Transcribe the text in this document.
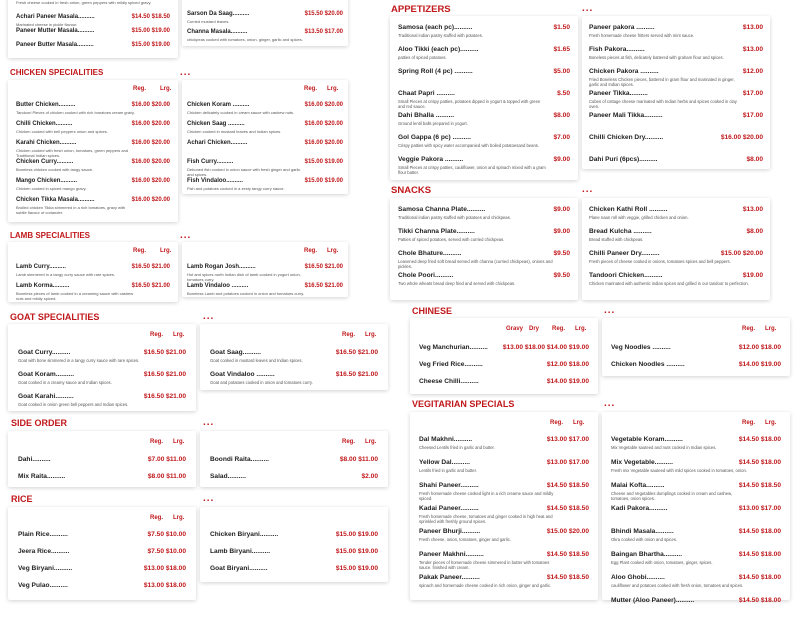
APPETIZERS	...
CHICKEN SPECIALITIES	...
SNACKS	...
LAMB SPECIALITIES	...
GOAT SPECIALITIES	...	CHINESE	...
VEGITARIAN SPECIALS	...
SIDE ORDER	...
RICE	...
Achari Paneer Masala..........	$14.50 $18.50
Marinated cheese in pickle flavour.
Paneer Mutter Masala..........	$15.00 $19.00
Paneer Butter Masala..........	$15.00 $19.00
Fresh cheese cooked in fresh onion, green peppers with mildly spiced gravy.
Sarson Da Saag..........	$15.50 $20.00
Curried mustard leaves.
Channa Masala..........	$13.50 $17.00
chickpeas cooked with tomatoes, onion, ginger, garlic and spices.
Reg. Lrg.
Butter Chicken..........	$16.00 $20.00
Tandoori Pieces of chicken cooked with rich tomatoes cream gravy.
Chilli Chicken..........	$16.00 $20.00
Chicken cooked with bell peppers onion and spices.
Karahi Chicken..........	$16.00 $20.00
Chicken cooked with fresh onion, tomatoes, green peppers and Traditional Indian spices.
Chicken Curry..........	$16.00 $20.00
Boneless chicken cooked with tangy sauce.
Mango Chicken..........	$16.00 $20.00
Chicken cooked in spiced mango gravy.
Chicken Tikka Masala..........	$16.00 $20.00
Broiled chicken Tikka simmered in a rich tomatoes, gravy with subtle flavour of coriander.
Reg. Lrg.
Chicken Koram ..........	$16.00 $20.00
Chicken delicately cooked in cream sauce with cashew nuts.
Chicken Saag ..........	$16.00 $20.00
Chicken cooked in mustard leaves and Indian spices.
Achari Chicken..........	$16.00 $20.00
Fish Curry..........	$15.00 $19.00
Deboned fish cooked in onion sauce with fresh ginger and garlic and spices.
Fish Vindaloo..........	$15.00 $19.00
Fish and potatoes cooked in a zesty tangy curry sauce.
Reg. Lrg.
Lamb Curry..........	$16.50 $21.00
Lamb simmered in a tangy curry sauce with rare spices.
Lamb Korma..........	$16.50 $21.00
Boneless pieces of lamb cooked in a creaming sauce with cashew nuts and mildly spiced.
Reg. Lrg.
Lamb Rogan Josh..........	$16.50 $21.00
Hot and spices north Indian dish of lamb cooked in yogurt onion, tomatoes curry.
Lamb Vindaloo ..........	$16.50 $21.00
Boneless Lamb and potatoes cooked in onion and tomatoes curry.
Reg. Lrg.
Goat Curry..........	$16.50 $21.00
Goat with bone simmered in a tangy curry sauce with rare spices.
Goat Koram..........	$16.50 $21.00
Goat cooked in a creamy sauce and Indian spices.
Goat Karahi..........	$16.50 $21.00
Goat cooked in onion green bell peppers and Indian spices.
Reg. Lrg.
Goat Saag..........	$16.50 $21.00
Goat cooked in mustard leaves and Indian spices.
Goat Vindaloo ..........	$16.50 $21.00
Goat and potatoes cooked in onion and tomatoes curry.
Reg. Lrg.
Dahi..........	$7.00 $11.00
Mix Raita..........	$8.00 $11.00
Reg. Lrg.
Boondi Raita..........	$8.00 $11.00
Salad..........	$2.00
Reg. Lrg.
Plain Rice..........	$7.50 $10.00
Jeera Rice..........	$7.50 $10.00
Veg Biryani..........	$13.00 $18.00
Veg Pulao..........	$13.00 $18.00
Chicken Biryani..........	$15.00 $19.00
Lamb Biryani..........	$15.00 $19.00
Goat Biryani..........	$15.00 $19.00
Samosa (each pc)..........	$1.50
Traditional indian pastry stuffed with potatoes.
Aloo Tikki (each pc)..........	$1.65
patties of spiced potatoes.
Spring Roll (4 pc) ..........	$5.00
Chaat Papri ..........	$.50
Small Pieces at crispy patties, potatoes dipped in yogurt & topped with green and red sauce.
Dahi Bhalla ..........	$8.00
Ground lentil balls prepared in yogurt.
Gol Gappa (6 pc) ..........	$7.00
Crispy patties with spicy water accompanied with boiled potatoesand beans.
Veggie Pakora ..........	$9.00
Small Pieces at crispy patties, cauliflower, onion and spinach mixed with a gram flour batter.
Paneer pakora ..........	$13.00
Fresh homemade cheese fritters served with mint sauce.
Fish Pakora..........	$13.00
Boneless pieces at fish, delicately battered with graham flour and spices.
Chicken Pakora ..........	$12.00
Fried Boneless Chicken pieces, battered in gram flour and marinated in ginger, garlic and Indian spices.
Paneer Tikka..........	$17.00
Cubes of cottage cheese marinated with Indian herbs and spices cooked in clay oven.
Paneer Mali Tikka..........	$17.00
Chilli Chicken Dry..........	$16.00 $20.00
Dahi Puri (6pcs)..........	$8.00
Samosa Channa Plate..........	$9.00
Traditional indian pastry stuffed with potatoes and chickpeas.
Tikki Channa Plate..........	$9.00
Patties of spiced potatoes, served with curried chickpeas.
Chole Bhature..........	$9.50
Leavened deep fried soft bread served with channa (curried chickpeas), onions and pickles.
Chole Poori..........	$9.50
Two whole wheats bread deep fried and served with chickpeas.
Chicken Kathi Roll ..........	$13.00
Plane naan roll with veggie, grilled chicken and onion.
Bread Kulcha ..........	$8.00
Bread stuffed with chickpeas.
Chilli Paneer Dry..........	$15.00 $20.00
Fresh pieces of cheese cooked in onions, tomatoes spices and bell peppers.
Tandoori Chicken..........	$19.00
Chicken marinated with authentic indian spices and grilled in our tandoor to perfection.
Gravy Dry Reg. Lrg.
Veg Manchurian.......... $13.00 $18.00 $14.00 $19.00
Veg Fried Rice..........	$12.00 $18.00
Cheese Chilli..........	$14.00 $19.00
Reg. Lrg.
Veg Noodles ..........	$12.00 $18.00
Chicken Noodles ..........	$14.00 $19.00
Reg. Lrg.
Dal Makhni..........	$13.00 $17.00
Cheesed Lentils fried in garlic and butter.
Yellow Dal..........	$13.00 $17.00
Lentils fried in garlic and butter.
Shahi Paneer..........	$14.50 $18.50
Fresh homemade cheese cooked light in a rich creame sauce and mildly spiced.
Kadai Paneer..........	$14.50 $18.50
Fresh homemade cheese, tomatoes and ginger cooked in high heat and sprinkled with freshly ground spices.
Paneer Bhurji..........	$15.00 $20.00
Fresh cheese, onion, tomatoes, ginger and garlic.
Paneer Makhni..........	$14.50 $18.50
Tender pieces of homemade cheese simmered in butter with tomatoes sauce. finished with cream.
Pakak Paneer..........	$14.50 $18.50
spinach and homemade cheese cooked in rich onion, ginger and garlic.
Reg. Lrg.
Vegetable Koram..........	$14.50 $18.00
Mix Vegetable sauteed and nuts cooked in Indian spices.
Mix Vegetable..........	$14.50 $18.00
Fresh mix Vegetable sauteed with mild spices cooked in tomatoes, onion.
Malai Kofta..........	$14.50 $18.50
Cheese and Vegetables dumplings cooked in cream and cashew, tomatoes, onion spices.
Kadi Pakora..........	$13.00 $17.00
Bhindi Masala..........	$14.50 $18.00
Okra cooked with onion and spices.
Baingan Bhartha..........	$14.50 $18.00
Egg Plant cooked with onion, tomatoes, ginger, spices.
Aloo Ghobi..........	$14.50 $18.00
cauliflower and potatoes cooked with fresh onion, tomatoes and spices.
Mutter (Aloo Paneer)..........	$14.50 $18.00
